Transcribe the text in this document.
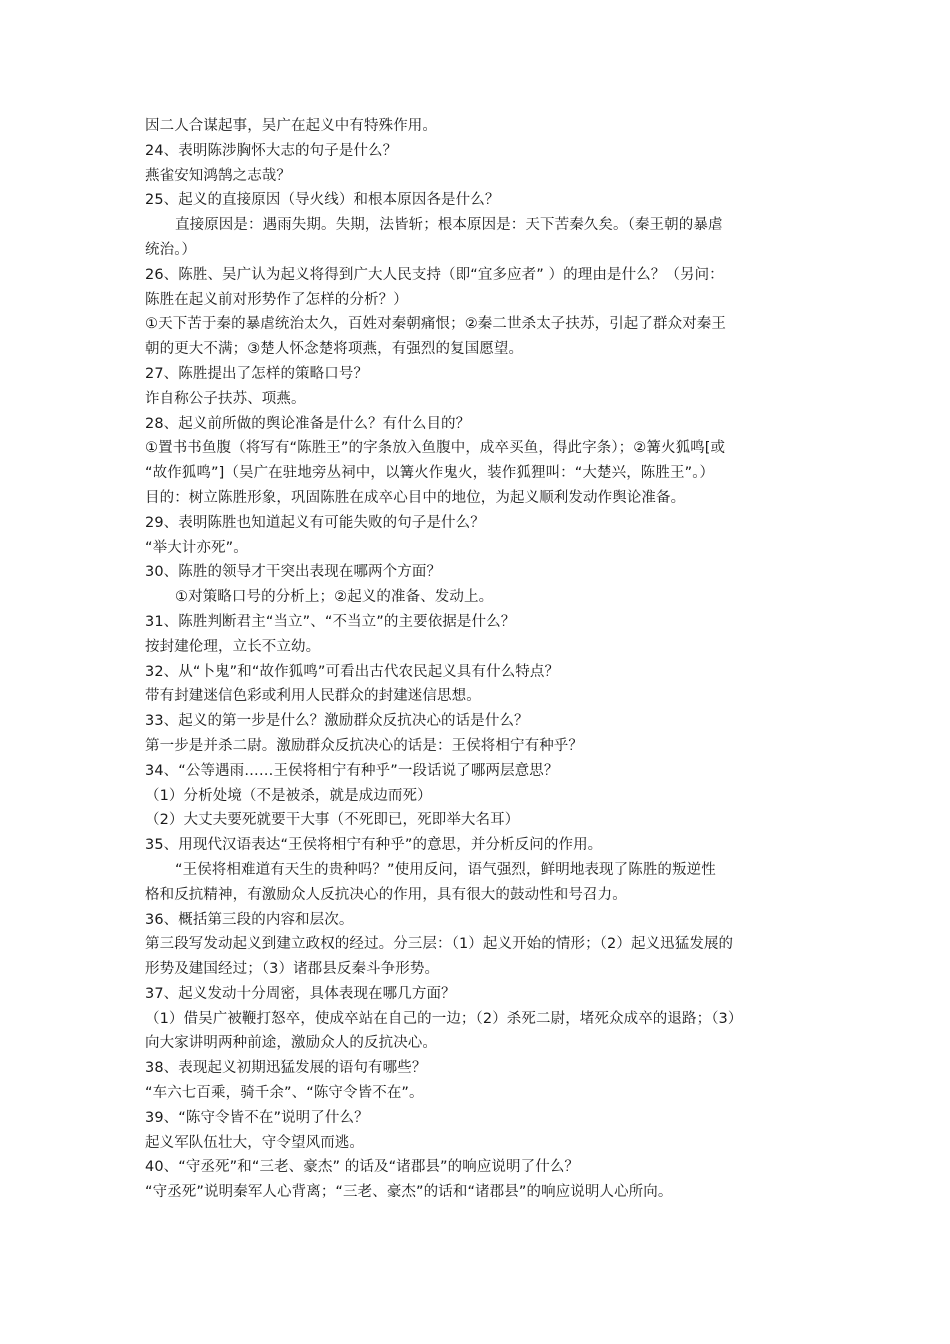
因二人合谋起事，吴广在起义中有特殊作用。
24、表明陈涉胸怀大志的句子是什么？
燕雀安知鸿鹄之志哉？
25、起义的直接原因（导火线）和根本原因各是什么？
直接原因是：遇雨失期。失期，法皆斩；根本原因是：天下苦秦久矣。（秦王朝的暴虐
统治。）
26、陈胜、吴广认为起义将得到广大人民支持（即“宜多应者” ）的理由是什么？（另问：
陈胜在起义前对形势作了怎样的分析？）
①天下苦于秦的暴虐统治太久，百姓对秦朝痛恨；②秦二世杀太子扶苏，引起了群众对秦王
朝的更大不满；③楚人怀念楚将项燕，有强烈的复国愿望。
27、陈胜提出了怎样的策略口号？
诈自称公子扶苏、项燕。
28、起义前所做的舆论准备是什么？有什么目的？
①置书书鱼腹（将写有“陈胜王”的字条放入鱼腹中，成卒买鱼，得此字条）；②篝火狐鸣[或
“故作狐鸣”]（吴广在驻地旁丛祠中，以篝火作鬼火，装作狐狸叫：“大楚兴，陈胜王”。）
目的：树立陈胜形象，巩固陈胜在成卒心目中的地位，为起义顺利发动作舆论准备。
29、表明陈胜也知道起义有可能失败的句子是什么？
“举大计亦死”。
30、陈胜的领导才干突出表现在哪两个方面？
①对策略口号的分析上；②起义的准备、发动上。
31、陈胜判断君主“当立”、“不当立”的主要依据是什么？
按封建伦理，立长不立幼。
32、从“卜鬼”和“故作狐鸣”可看出古代农民起义具有什么特点？
带有封建迷信色彩或利用人民群众的封建迷信思想。
33、起义的第一步是什么？激励群众反抗决心的话是什么？
第一步是并杀二尉。激励群众反抗决心的话是：王侯将相宁有种乎？
34、“公等遇雨……王侯将相宁有种乎”一段话说了哪两层意思？
（1）分析处境（不是被杀，就是成边而死）
（2）大丈夫要死就要干大事（不死即已，死即举大名耳）
35、用现代汉语表达“王侯将相宁有种乎”的意思，并分析反问的作用。
“王侯将相难道有天生的贵种吗？”使用反问，语气强烈，鲜明地表现了陈胜的叛逆性
格和反抗精神，有激励众人反抗决心的作用，具有很大的鼓动性和号召力。
36、概括第三段的内容和层次。
第三段写发动起义到建立政权的经过。分三层：（1）起义开始的情形；（2）起义迅猛发展的
形势及建国经过；（3）诸郡县反秦斗争形势。
37、起义发动十分周密，具体表现在哪几方面？
（1）借吴广被鞭打怒卒，使成卒站在自己的一边；（2）杀死二尉，堵死众成卒的退路；（3）
向大家讲明两种前途，激励众人的反抗决心。
38、表现起义初期迅猛发展的语句有哪些？
“车六七百乘，骑千余”、“陈守令皆不在”。
39、“陈守令皆不在”说明了什么？
起义军队伍壮大，守令望风而逃。
40、“守丞死”和“三老、豪杰” 的话及“诸郡县”的响应说明了什么？
“守丞死”说明秦军人心背离；“三老、豪杰”的话和“诸郡县”的响应说明人心所向。
